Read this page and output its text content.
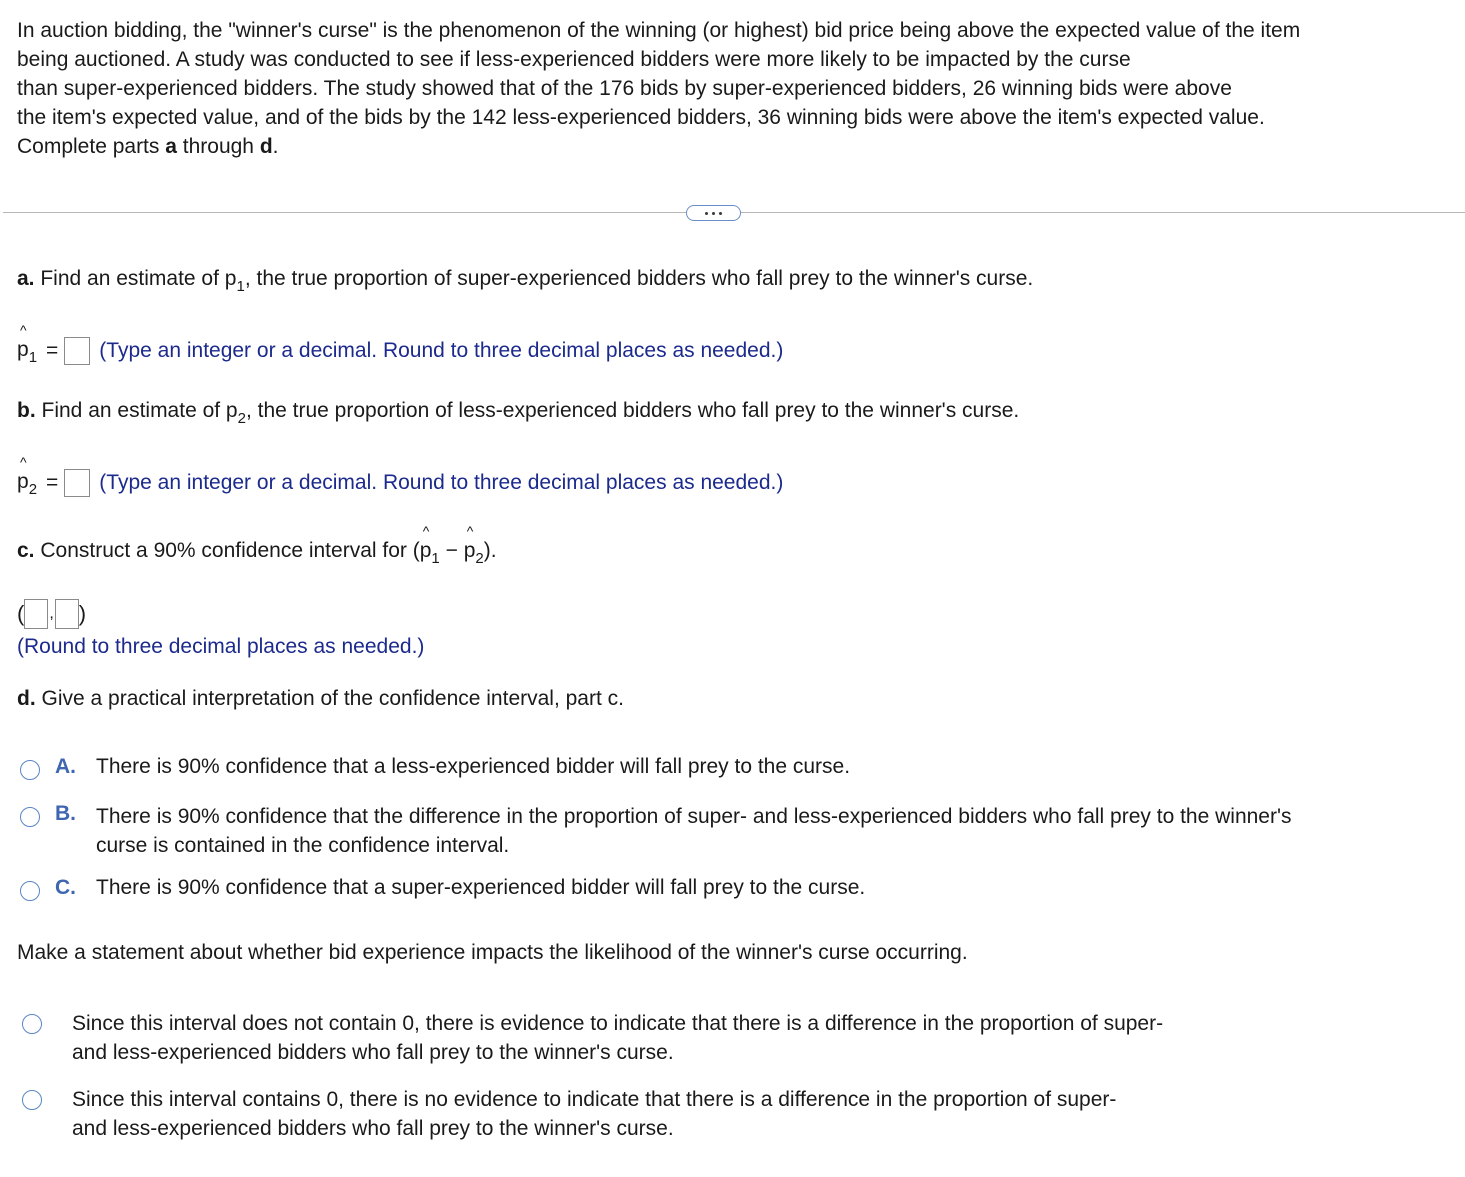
In auction bidding, the "winner's curse" is the phenomenon of the winning (or highest) bid price being above the expected value of the item
being auctioned. A study was conducted to see if less-experienced bidders were more likely to be impacted by the curse
than super-experienced bidders. The study showed that of the 176 bids by super-experienced bidders, 26 winning bids were above
the item's expected value, and of the bids by the 142 less-experienced bidders, 36 winning bids were above the item's expected value.
Complete parts a through d.
a. Find an estimate of $p_1$, the true proportion of super-experienced bidders who fall prey to the winner's curse.
^
$p_1$ = (Type an integer or a decimal. Round to three decimal places as needed.)
b. Find an estimate of $p_2$, the true proportion of less-experienced bidders who fall prey to the winner's curse.
^
$p_2$ = (Type an integer or a decimal. Round to three decimal places as needed.)
c. Construct a 90% confidence interval for (
^
$p_1$ −
^
$p_2$).
( , )
(Round to three decimal places as needed.)
d. Give a practical interpretation of the confidence interval, part c.
A. There is 90% confidence that a less-experienced bidder will fall prey to the curse.
B. There is 90% confidence that the difference in the proportion of super- and less-experienced bidders who fall prey to the winner's
curse is contained in the confidence interval.
C. There is 90% confidence that a super-experienced bidder will fall prey to the curse.
Make a statement about whether bid experience impacts the likelihood of the winner's curse occurring.
Since this interval does not contain 0, there is evidence to indicate that there is a difference in the proportion of super-
and less-experienced bidders who fall prey to the winner's curse.
Since this interval contains 0, there is no evidence to indicate that there is a difference in the proportion of super-
and less-experienced bidders who fall prey to the winner's curse.
